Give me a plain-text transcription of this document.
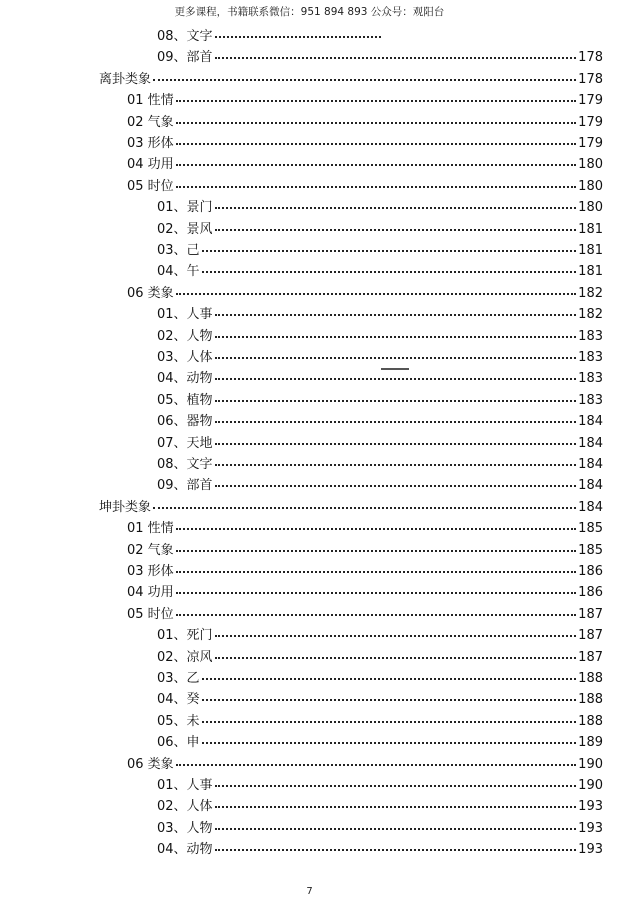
更多课程，书籍联系微信：951 894 893 公众号：观阳台
08、文字
09、部首	178
离卦类象	178
01 性情	179
02 气象	179
03 形体	179
04 功用	180
05 时位	180
01、景门	180
02、景风	181
03、己	181
04、午	181
06 类象	182
01、人事	182
02、人物	183
03、人体	183
04、动物	183
05、植物	183
06、器物	184
07、天地	184
08、文字	184
09、部首	184
坤卦类象	184
01 性情	185
02 气象	185
03 形体	186
04 功用	186
05 时位	187
01、死门	187
02、凉风	187
03、乙	188
04、癸	188
05、未	188
06、申	189
06 类象	190
01、人事	190
02、人体	193
03、人物	193
04、动物	193
7
